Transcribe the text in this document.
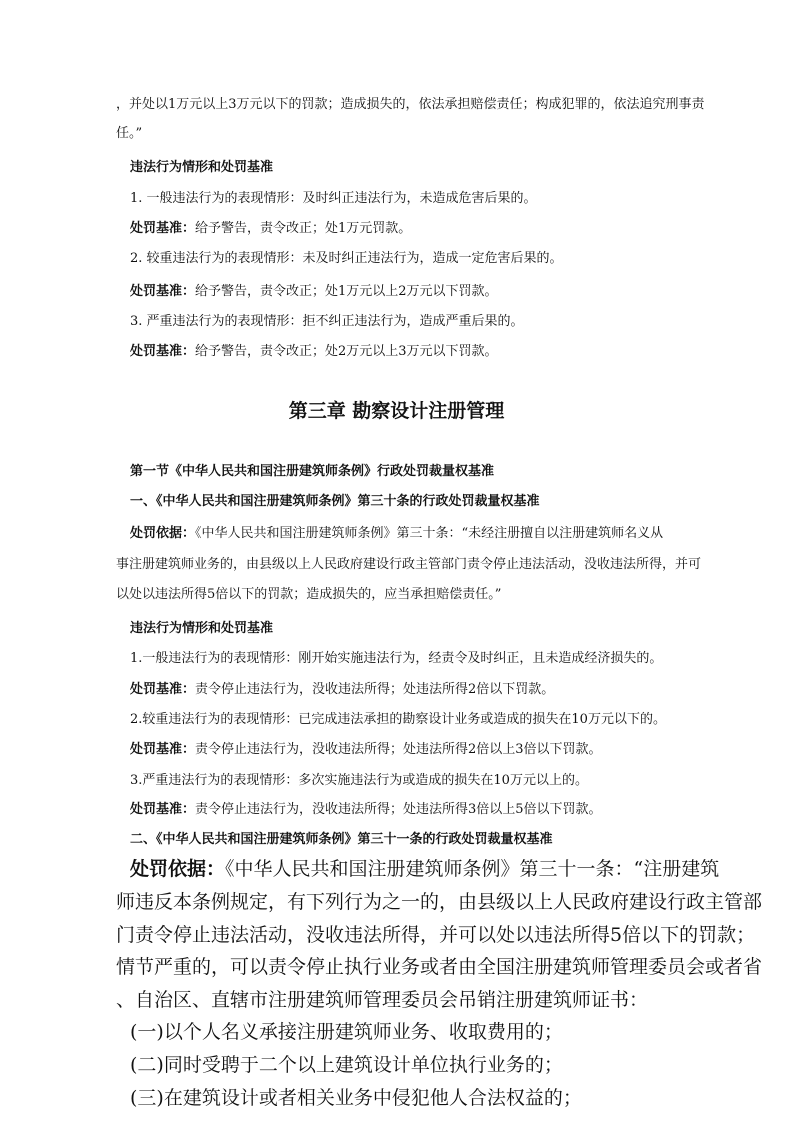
，并处以1万元以上3万元以下的罚款；造成损失的，依法承担赔偿责任；构成犯罪的，依法追究刑事责
任。”
违法行为情形和处罚基准
1. 一般违法行为的表现情形：及时纠正违法行为，未造成危害后果的。
处罚基准：给予警告，责令改正；处1万元罚款。
2. 较重违法行为的表现情形：未及时纠正违法行为，造成一定危害后果的。
处罚基准：给予警告，责令改正；处1万元以上2万元以下罚款。
3. 严重违法行为的表现情形：拒不纠正违法行为，造成严重后果的。
处罚基准：给予警告，责令改正；处2万元以上3万元以下罚款。
第三章 勘察设计注册管理
第一节《中华人民共和国注册建筑师条例》行政处罚裁量权基准
一、《中华人民共和国注册建筑师条例》第三十条的行政处罚裁量权基准
处罚依据：《中华人民共和国注册建筑师条例》第三十条：“未经注册擅自以注册建筑师名义从
事注册建筑师业务的，由县级以上人民政府建设行政主管部门责令停止违法活动，没收违法所得，并可
以处以违法所得5倍以下的罚款；造成损失的，应当承担赔偿责任。”
违法行为情形和处罚基准
1.一般违法行为的表现情形：刚开始实施违法行为，经责令及时纠正，且未造成经济损失的。
处罚基准：责令停止违法行为，没收违法所得；处违法所得2倍以下罚款。
2.较重违法行为的表现情形：已完成违法承担的勘察设计业务或造成的损失在10万元以下的。
处罚基准：责令停止违法行为，没收违法所得；处违法所得2倍以上3倍以下罚款。
3.严重违法行为的表现情形：多次实施违法行为或造成的损失在10万元以上的。
处罚基准：责令停止违法行为，没收违法所得；处违法所得3倍以上5倍以下罚款。
二、《中华人民共和国注册建筑师条例》第三十一条的行政处罚裁量权基准
处罚依据：《中华人民共和国注册建筑师条例》第三十一条：“注册建筑
师违反本条例规定，有下列行为之一的，由县级以上人民政府建设行政主管部
门责令停止违法活动，没收违法所得，并可以处以违法所得5倍以下的罚款；
情节严重的，可以责令停止执行业务或者由全国注册建筑师管理委员会或者省
、自治区、直辖市注册建筑师管理委员会吊销注册建筑师证书：
(一)以个人名义承接注册建筑师业务、收取费用的；
(二)同时受聘于二个以上建筑设计单位执行业务的；
(三)在建筑设计或者相关业务中侵犯他人合法权益的；
